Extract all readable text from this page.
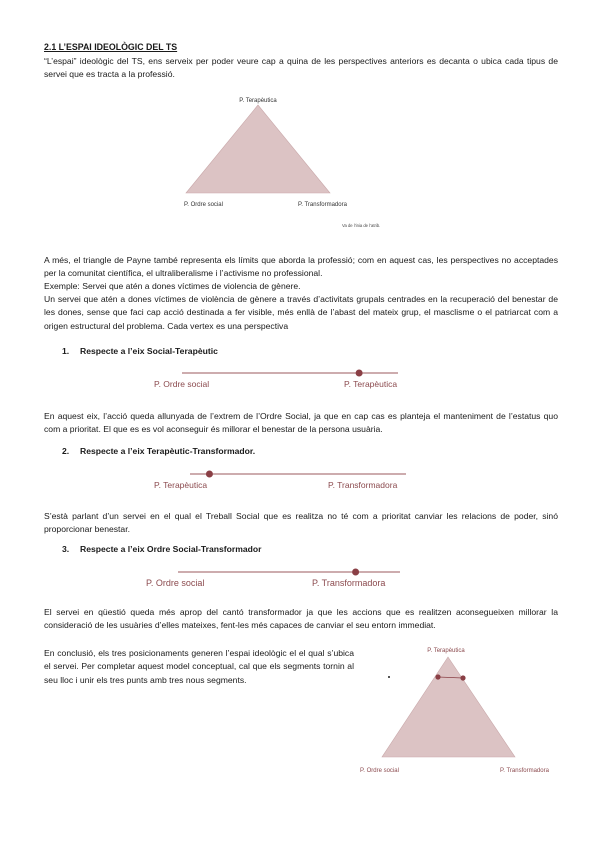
2.1 L’ESPAI IDEOLÒGIC DEL TS

“L’espai” ideològic del TS, ens serveix per poder veure cap a quina de les perspectives anteriors es decanta o ubica cada tipus de servei que es tracta a la professió.

P. Terapèutica
P. Ordre social	P. Transformadora
Va de l’inia de l’atrib.

A més, el triangle de Payne també representa els límits que aborda la professió; com en aquest cas, les perspectives no acceptades per la comunitat científica, el ultraliberalisme i l’activisme no professional.

Exemple: Servei que atén a dones víctimes de violencia de gènere.

Un servei que atén a dones víctimes de violència de gènere a través d’activitats grupals centrades en la recuperació del benestar de les dones, sense que faci cap acció destinada a fer visible, més enllà de l’abast del mateix grup, el masclisme o el patriarcat com a origen estructural del problema. Cada vertex es una perspectiva

1. Respecte a l’eix Social-Terapèutic

P. Ordre social	P. Terapèutica

En aquest eix, l’acció queda allunyada de l’extrem de l’Ordre Social, ja que en cap cas es planteja el manteniment de l’estatus quo com a prioritat. El que es es vol aconseguir és millorar el benestar de la persona usuària.

2. Respecte a l’eix Terapèutic-Transformador.

P. Terapèutica	P. Transformadora

S’està parlant d’un servei en el qual el Treball Social que es realitza no té com a prioritat canviar les relacions de poder, sinó proporcionar benestar.

3. Respecte a l’eix Ordre Social-Transformador

P. Ordre social	P. Transformadora

El servei en qüestió queda més aprop del cantó transformador ja que les accions que es realitzen aconsegueixen millorar la consideració de les usuàries d’elles mateixes, fent-les més capaces de canviar el seu entorn immediat.

En conclusió, els tres posicionaments generen l’espai ideològic el el qual s’ubica el servei. Per completar aquest model conceptual, cal que els segments tornin al seu lloc i unir els tres punts amb tres nous segments.

P. Terapèutica
P. Ordre social	P. Transformadora
